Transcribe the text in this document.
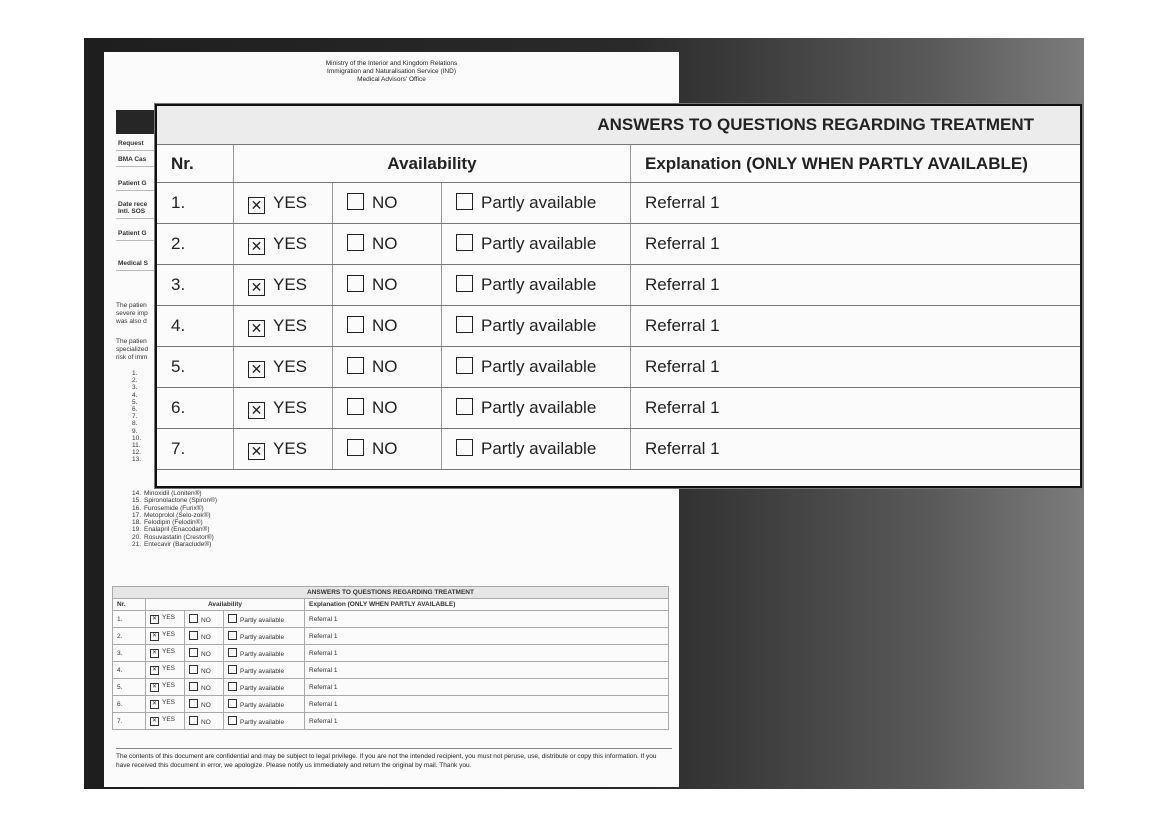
Ministry of the Interior and Kingdom Relations
Immigration and Naturalisation Service (IND)
Medical Advisors' Office
Request
BMA Cas
Patient G
Date rece Intl. SOS
Patient G
Medical S
The patien
severe imp
was also d
The patien
specialized
risk of imm
1.
2.
3.
4.
5.
6.
7.
8.
9.
10.
11.
12.
13.
14. Minoxidil (Loniten®)
15. Spironolactone (Spiron®)
16. Furosemide (Furix®)
17. Metoprolol (Selo-zok®)
18. Felodipin (Felodin®)
19. Enalapril (Enacodan®)
20. Rosuvastatin (Crestor®)
21. Entecavir (Baraclude®)
ANSWERS TO QUESTIONS REGARDING TREATMENT				
Nr.	Availability			Explanation (ONLY WHEN PARTLY AVAILABLE)
1.	✕ YES	NO	Partly available	Referral 1
2.	✕ YES	NO	Partly available	Referral 1
3.	✕ YES	NO	Partly available	Referral 1
4.	✕ YES	NO	Partly available	Referral 1
5.	✕ YES	NO	Partly available	Referral 1
6.	✕ YES	NO	Partly available	Referral 1
7.	✕ YES	NO	Partly available	Referral 1
The contents of this document are confidential and may be subject to legal privilege. If you are not the intended recipient, you must not peruse, use, distribute or copy this information. If you have received this document in error, we apologize. Please notify us immediately and return the original by mail. Thank you.
ANSWERS TO QUESTIONS REGARDING TREATMENT				
Nr.	Availability			Explanation (ONLY WHEN PARTLY AVAILABLE)
1.	✕ YES	NO	Partly available	Referral 1
2.	✕ YES	NO	Partly available	Referral 1
3.	✕ YES	NO	Partly available	Referral 1
4.	✕ YES	NO	Partly available	Referral 1
5.	✕ YES	NO	Partly available	Referral 1
6.	✕ YES	NO	Partly available	Referral 1
7.	✕ YES	NO	Partly available	Referral 1
